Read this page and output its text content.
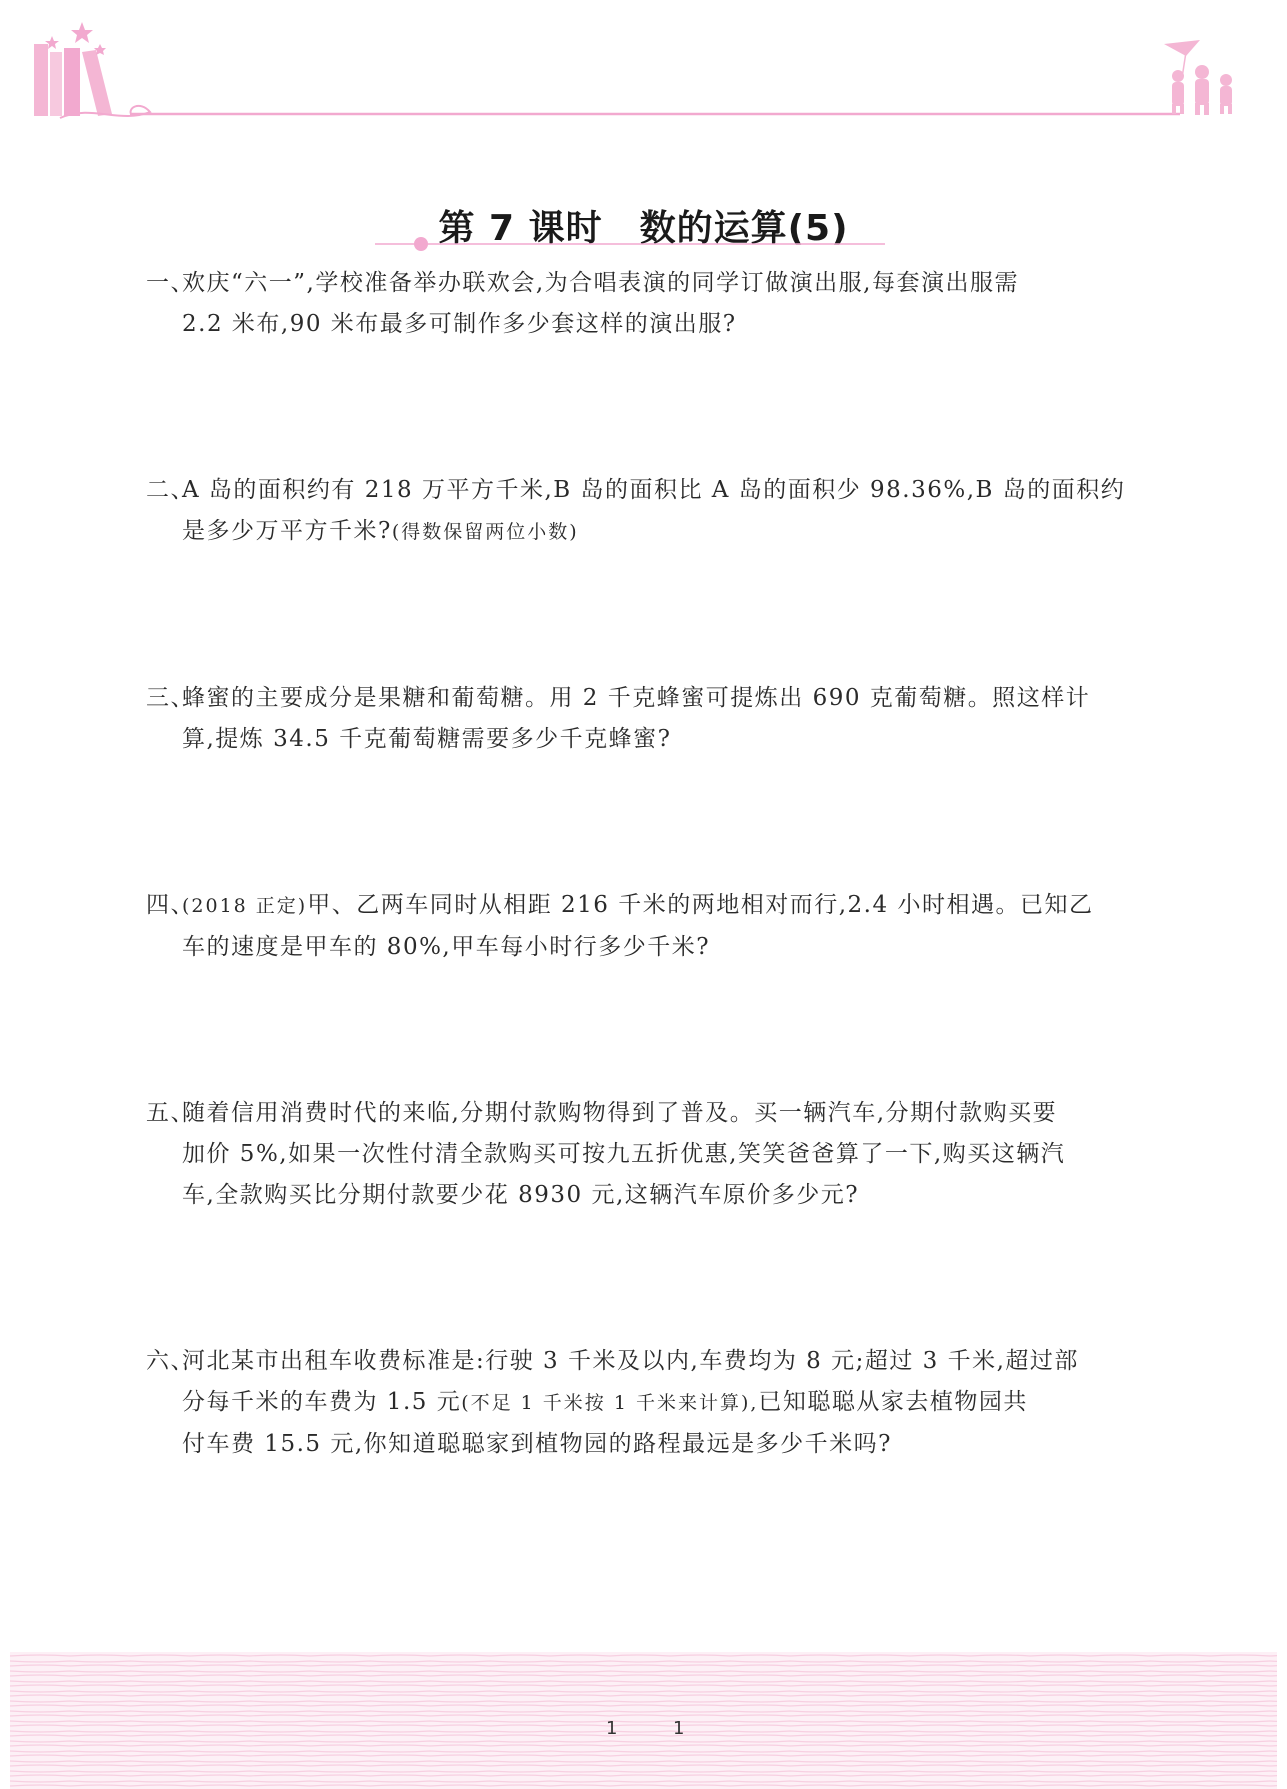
第 7 课时　数的运算(5)
一、
欢庆“六一”,学校准备举办联欢会,为合唱表演的同学订做演出服,每套演出服需
2.2 米布,90 米布最多可制作多少套这样的演出服?
二、
A 岛的面积约有 218 万平方千米,B 岛的面积比 A 岛的面积少 98.36%,B 岛的面积约
是多少万平方千米?(得数保留两位小数)
三、
蜂蜜的主要成分是果糖和葡萄糖。用 2 千克蜂蜜可提炼出 690 克葡萄糖。照这样计
算,提炼 34.5 千克葡萄糖需要多少千克蜂蜜?
四、
(2018 正定)甲、乙两车同时从相距 216 千米的两地相对而行,2.4 小时相遇。已知乙
车的速度是甲车的 80%,甲车每小时行多少千米?
五、
随着信用消费时代的来临,分期付款购物得到了普及。买一辆汽车,分期付款购买要
加价 5%,如果一次性付清全款购买可按九五折优惠,笑笑爸爸算了一下,购买这辆汽
车,全款购买比分期付款要少花 8930 元,这辆汽车原价多少元?
六、
河北某市出租车收费标准是:行驶 3 千米及以内,车费均为 8 元;超过 3 千米,超过部
分每千米的车费为 1.5 元(不足 1 千米按 1 千米来计算),已知聪聪从家去植物园共
付车费 15.5 元,你知道聪聪家到植物园的路程最远是多少千米吗?
1	1
